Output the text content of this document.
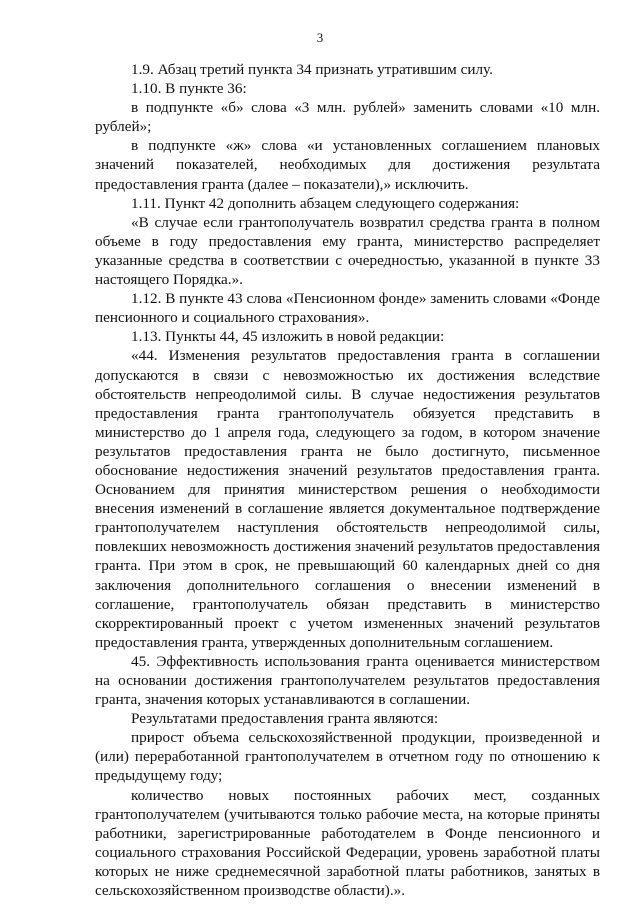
3

1.9. Абзац третий пункта 34 признать утратившим силу.

1.10. В пункте 36:

в подпункте «б» слова «3 млн. рублей» заменить словами «10 млн. рублей»;

в подпункте «ж» слова «и установленных соглашением плановых значений показателей, необходимых для достижения результата предоставления гранта (далее – показатели),» исключить.

1.11. Пункт 42 дополнить абзацем следующего содержания:

«В случае если грантополучатель возвратил средства гранта в полном объеме в году предоставления ему гранта, министерство распределяет указанные средства в соответствии с очередностью, указанной в пункте 33 настоящего Порядка.».

1.12. В пункте 43 слова «Пенсионном фонде» заменить словами «Фонде пенсионного и социального страхования».

1.13. Пункты 44, 45 изложить в новой редакции:

«44. Изменения результатов предоставления гранта в соглашении допускаются в связи с невозможностью их достижения вследствие обстоятельств непреодолимой силы. В случае недостижения результатов предоставления гранта грантополучатель обязуется представить в министерство до 1 апреля года, следующего за годом, в котором значение результатов предоставления гранта не было достигнуто, письменное обоснование недостижения значений результатов предоставления гранта. Основанием для принятия министерством решения о необходимости внесения изменений в соглашение является документальное подтверждение грантополучателем наступления обстоятельств непреодолимой силы, повлекших невозможность достижения значений результатов предоставления гранта. При этом в срок, не превышающий 60 календарных дней со дня заключения дополнительного соглашения о внесении изменений в соглашение, грантополучатель обязан представить в министерство скорректированный проект с учетом измененных значений результатов предоставления гранта, утвержденных дополнительным соглашением.

45. Эффективность использования гранта оценивается министерством на основании достижения грантополучателем результатов предоставления гранта, значения которых устанавливаются в соглашении.

Результатами предоставления гранта являются:

прирост объема сельскохозяйственной продукции, произведенной и (или) переработанной грантополучателем в отчетном году по отношению к предыдущему году;

количество новых постоянных рабочих мест, созданных грантополучателем (учитываются только рабочие места, на которые приняты работники, зарегистрированные работодателем в Фонде пенсионного и социального страхования Российской Федерации, уровень заработной платы которых не ниже среднемесячной заработной платы работников, занятых в сельскохозяйственном производстве области).».
